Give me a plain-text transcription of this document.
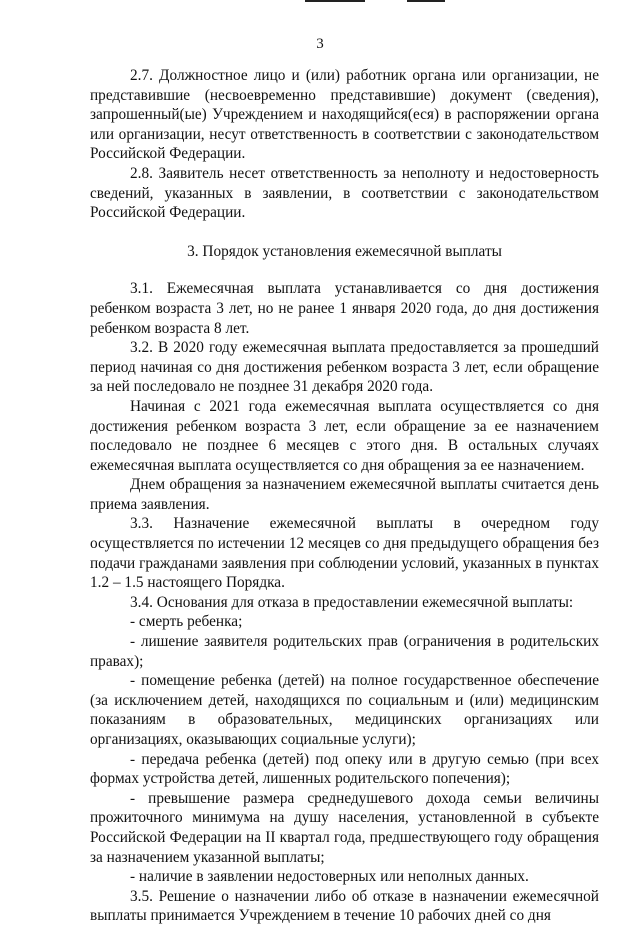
3

2.7. Должностное лицо и (или) работник органа или организации, не представившие (несвоевременно представившие) документ (сведения), запрошенный(ые) Учреждением и находящийся(еся) в распоряжении органа или организации, несут ответственность в соответствии с законодательством Российской Федерации.

2.8. Заявитель несет ответственность за неполноту и недостоверность сведений, указанных в заявлении, в соответствии с законодательством Российской Федерации.

3. Порядок установления ежемесячной выплаты

3.1. Ежемесячная выплата устанавливается со дня достижения ребенком возраста 3 лет, но не ранее 1 января 2020 года, до дня достижения ребенком возраста 8 лет.

3.2. В 2020 году ежемесячная выплата предоставляется за прошедший период начиная со дня достижения ребенком возраста 3 лет, если обращение за ней последовало не позднее 31 декабря 2020 года.

Начиная с 2021 года ежемесячная выплата осуществляется со дня достижения ребенком возраста 3 лет, если обращение за ее назначением последовало не позднее 6 месяцев с этого дня. В остальных случаях ежемесячная выплата осуществляется со дня обращения за ее назначением.

Днем обращения за назначением ежемесячной выплаты считается день приема заявления.

3.3. Назначение ежемесячной выплаты в очередном году осуществляется по истечении 12 месяцев со дня предыдущего обращения без подачи гражданами заявления при соблюдении условий, указанных в пунктах 1.2 – 1.5 настоящего Порядка.

3.4. Основания для отказа в предоставлении ежемесячной выплаты:

- смерть ребенка;

- лишение заявителя родительских прав (ограничения в родительских правах);

- помещение ребенка (детей) на полное государственное обеспечение (за исключением детей, находящихся по социальным и (или) медицинским показаниям в образовательных, медицинских организациях или организациях, оказывающих социальные услуги);

- передача ребенка (детей) под опеку или в другую семью (при всех формах устройства детей, лишенных родительского попечения);

- превышение размера среднедушевого дохода семьи величины прожиточного минимума на душу населения, установленной в субъекте Российской Федерации на II квартал года, предшествующего году обращения за назначением указанной выплаты;

- наличие в заявлении недостоверных или неполных данных.

3.5. Решение о назначении либо об отказе в назначении ежемесячной выплаты принимается Учреждением в течение 10 рабочих дней со дня
